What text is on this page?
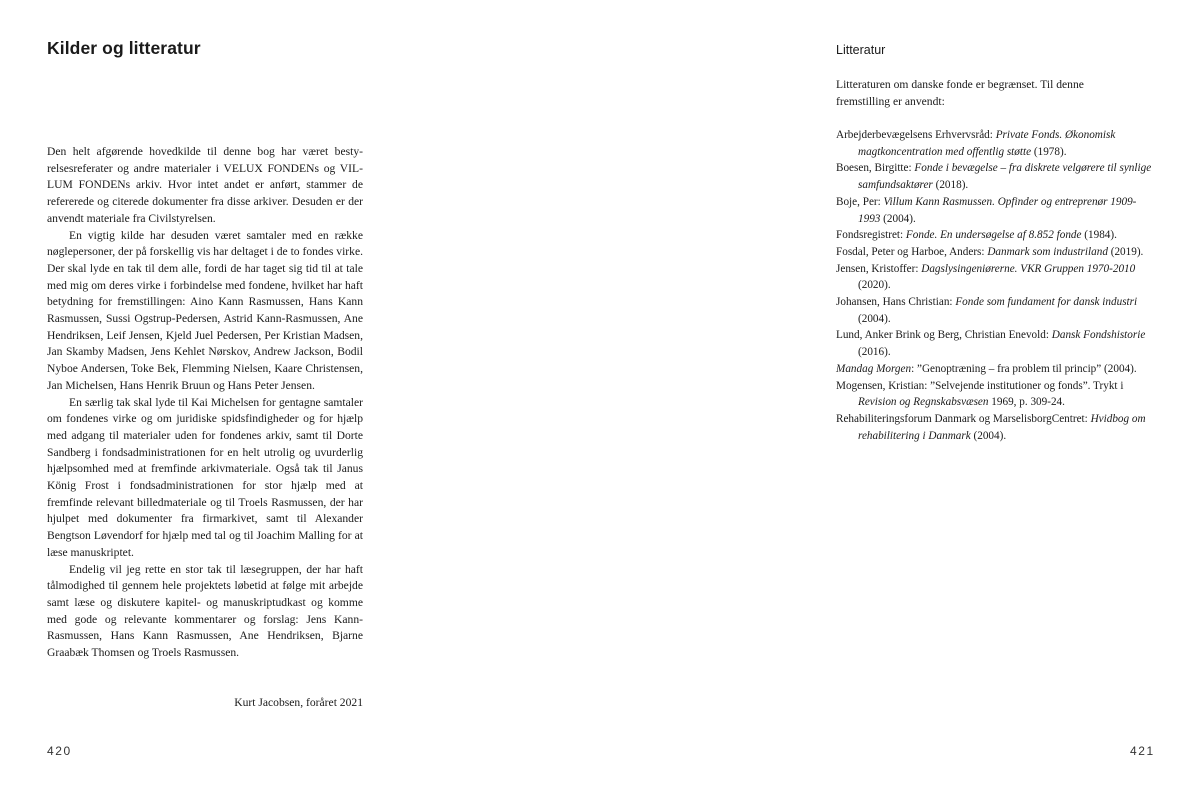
Kilder og litteratur

Den helt afgørende hovedkilde til denne bog har været bestyrelsesreferater og andre materialer i VELUX FONDENs og VILLUM FONDENs arkiv. Hvor intet andet er anført, stammer de refererede og citerede dokumenter fra disse arkiver. Desuden er der anvendt materiale fra Civilstyrelsen.

En vigtig kilde har desuden været samtaler med en række nøglepersoner, der på forskellig vis har deltaget i de to fondes virke. Der skal lyde en tak til dem alle, fordi de har taget sig tid til at tale med mig om deres virke i forbindelse med fondene, hvilket har haft betydning for fremstillingen: Aino Kann Rasmussen, Hans Kann Rasmussen, Sussi Ogstrup-Pedersen, Astrid Kann-Rasmussen, Ane Hendriksen, Leif Jensen, Kjeld Juel Pedersen, Per Kristian Madsen, Jan Skamby Madsen, Jens Kehlet Nørskov, Andrew Jackson, Bodil Nyboe Andersen, Toke Bek, Flemming Nielsen, Kaare Christensen, Jan Michelsen, Hans Henrik Bruun og Hans Peter Jensen.

En særlig tak skal lyde til Kai Michelsen for gentagne samtaler om fondenes virke og om juridiske spidsfindigheder og for hjælp med adgang til materialer uden for fondenes arkiv, samt til Dorte Sandberg i fondsadministrationen for en helt utrolig og uvurderlig hjælpsomhed med at fremfinde arkivmateriale. Også tak til Janus König Frost i fondsadministrationen for stor hjælp med at fremfinde relevant billedmateriale og til Troels Rasmussen, der har hjulpet med dokumenter fra firmarkivet, samt til Alexander Bengtson Løvendorf for hjælp med tal og til Joachim Malling for at læse manuskriptet.

Endelig vil jeg rette en stor tak til læsegruppen, der har haft tålmodighed til gennem hele projektets løbetid at følge mit arbejde samt læse og diskutere kapitel- og manuskriptudkast og komme med gode og relevante kommentarer og forslag: Jens Kann-Rasmussen, Hans Kann Rasmussen, Ane Hendriksen, Bjarne Graabæk Thomsen og Troels Rasmussen.

Kurt Jacobsen, foråret 2021
420
Litteratur

Litteraturen om danske fonde er begrænset. Til denne fremstilling er anvendt:

Arbejderbevægelsens Erhvervsråd: Private Fonds. Økonomisk magtkoncentration med offentlig støtte (1978).
Boesen, Birgitte: Fonde i bevægelse – fra diskrete velgørere til synlige samfundsaktører (2018).
Boje, Per: Villum Kann Rasmussen. Opfinder og entreprenør 1909-1993 (2004).
Fondsregistret: Fonde. En undersøgelse af 8.852 fonde (1984).
Fosdal, Peter og Harboe, Anders: Danmark som industriland (2019).
Jensen, Kristoffer: Dagslysingeniørerne. VKR Gruppen 1970-2010 (2020).
Johansen, Hans Christian: Fonde som fundament for dansk industri (2004).
Lund, Anker Brink og Berg, Christian Enevold: Dansk Fondshistorie (2016).
Mandag Morgen: ”Genoptræning – fra problem til princip” (2004).
Mogensen, Kristian: ”Selvejende institutioner og fonds”. Trykt i Revision og Regnskabsvæsen 1969, p. 309-24.
Rehabiliteringsforum Danmark og MarselisborgCentret: Hvidbog om rehabilitering i Danmark (2004).
421
